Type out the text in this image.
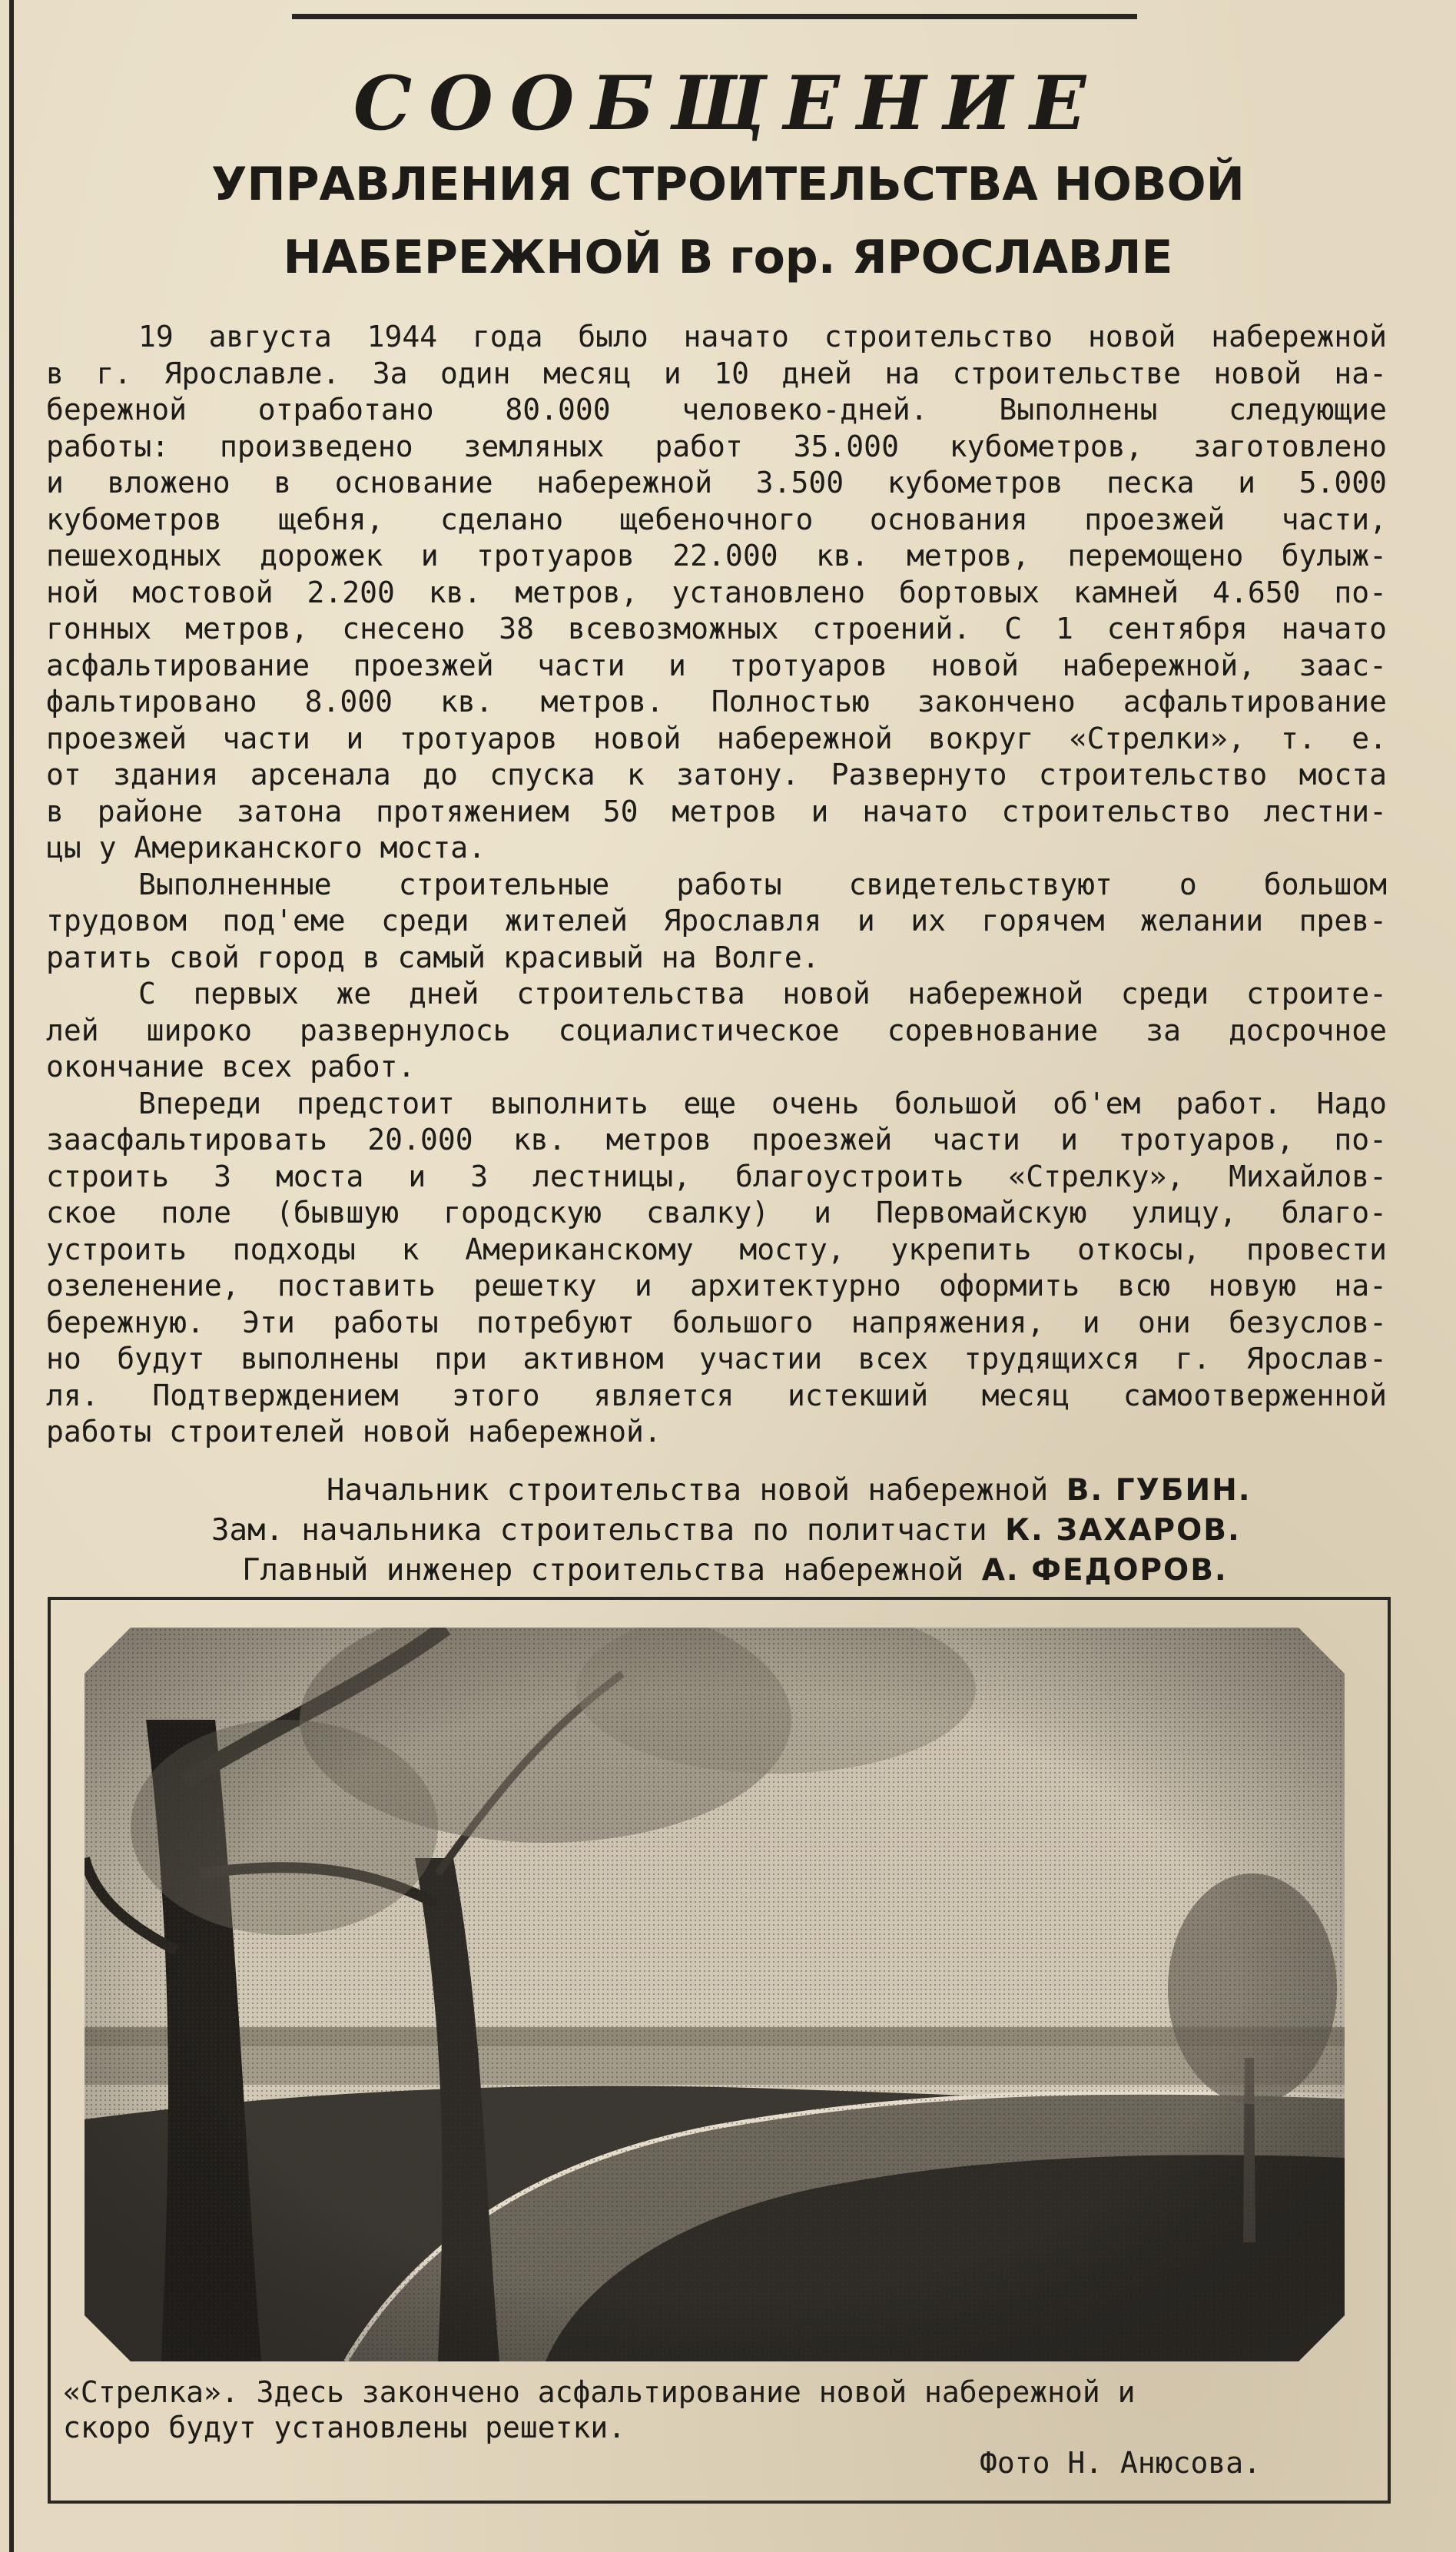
СООБЩЕНИЕ
УПРАВЛЕНИЯ СТРОИТЕЛЬСТВА НОВОЙ
НАБЕРЕЖНОЙ В гор. ЯРОСЛАВЛЕ
19 августа 1944 года было начато строительство новой набережной
в г. Ярославле. За один месяц и 10 дней на строительстве новой на-
бережной отработано 80.000 человеко-дней. Выполнены следующие
работы: произведено земляных работ 35.000 кубометров, заготовлено
и вложено в основание набережной 3.500 кубометров песка и 5.000
кубометров щебня, сделано щебеночного основания проезжей части,
пешеходных дорожек и тротуаров 22.000 кв. метров, перемощено булыж-
ной мостовой 2.200 кв. метров, установлено бортовых камней 4.650 по-
гонных метров, снесено 38 всевозможных строений. С 1 сентября начато
асфальтирование проезжей части и тротуаров новой набережной, заас-
фальтировано 8.000 кв. метров. Полностью закончено асфальтирование
проезжей части и тротуаров новой набережной вокруг «Стрелки», т. е.
от здания арсенала до спуска к затону. Развернуто строительство моста
в районе затона протяжением 50 метров и начато строительство лестни-
цы у Американского моста.
Выполненные строительные работы свидетельствуют о большом
трудовом под'еме среди жителей Ярославля и их горячем желании прев-
ратить свой город в самый красивый на Волге.
С первых же дней строительства новой набережной среди строите-
лей широко развернулось социалистическое соревнование за досрочное
окончание всех работ.
Впереди предстоит выполнить еще очень большой об'ем работ. Надо
заасфальтировать 20.000 кв. метров проезжей части и тротуаров, по-
строить 3 моста и 3 лестницы, благоустроить «Стрелку», Михайлов-
ское поле (бывшую городскую свалку) и Первомайскую улицу, благо-
устроить подходы к Американскому мосту, укрепить откосы, провести
озеленение, поставить решетку и архитектурно оформить всю новую на-
бережную. Эти работы потребуют большого напряжения, и они безуслов-
но будут выполнены при активном участии всех трудящихся г. Ярослав-
ля. Подтверждением этого является истекший месяц самоотверженной
работы строителей новой набережной.
Начальник строительства новой набережной В. ГУБИН.
Зам. начальника строительства по политчасти К. ЗАХАРОВ.
Главный инженер строительства набережной А. ФЕДОРОВ.
«Стрелка». Здесь закончено асфальтирование новой набережной и
скоро будут установлены решетки.
Фото Н. Анюсова.
